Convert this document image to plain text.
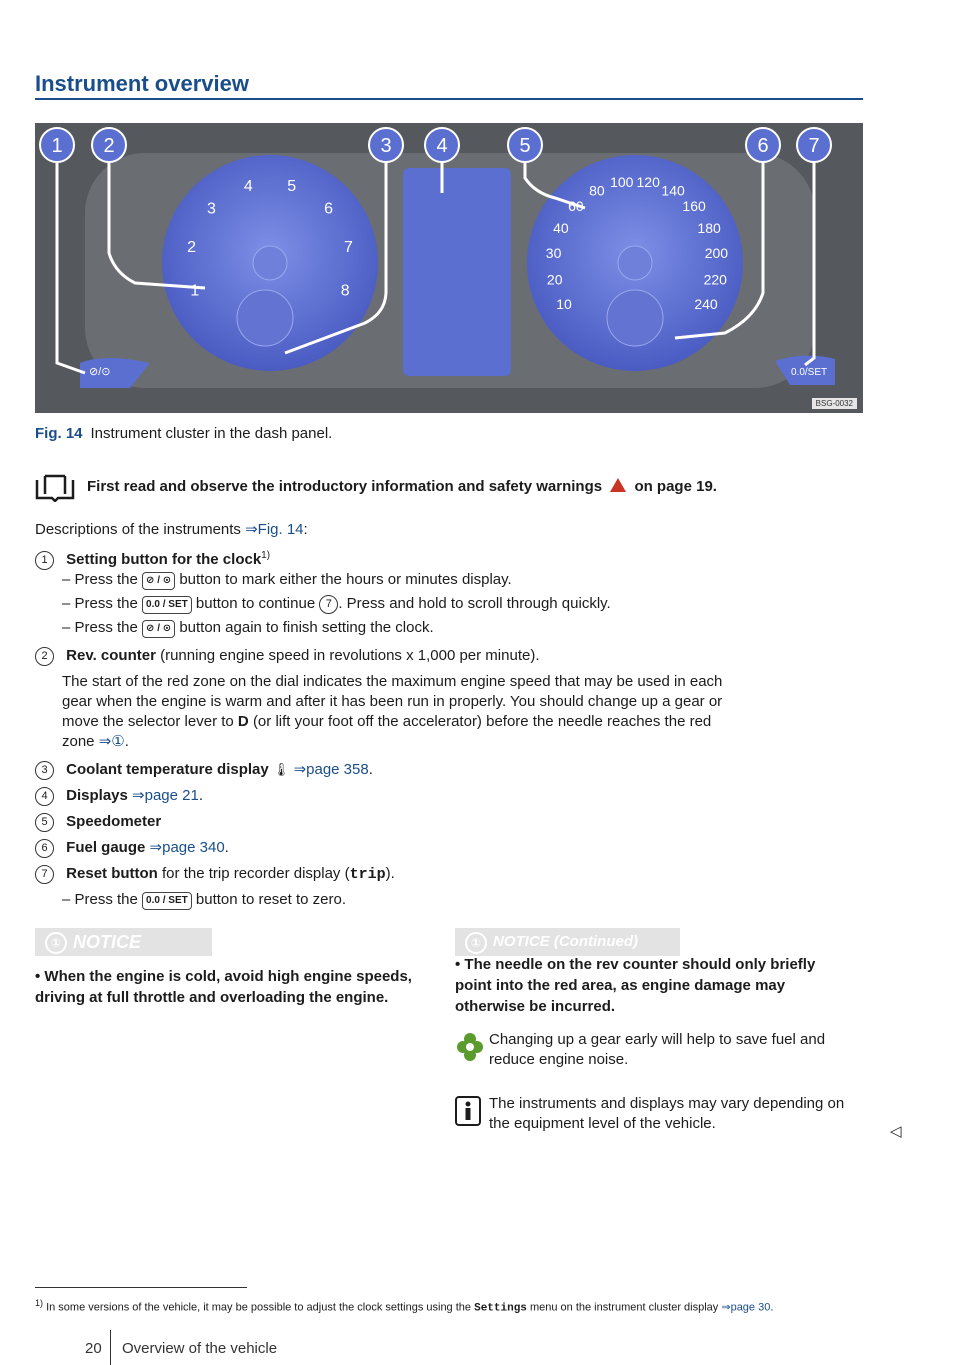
Instrument overview
1
2
3
4 5
6
7
8
10
20
30
40
60
80
100 120
140
160
180
200
220
240
1 2	3 4	5	6 7
⊘/⊙	0.0/SET
BSG-0032
Fig. 14 Instrument cluster in the dash panel.
First read and observe the introductory information and safety warnings on page 19.
Descriptions of the instruments ⇒Fig. 14:
1 Setting button for the clock$^{1)}$
– Press the ⊘ / ⊙ button to mark either the hours or minutes display.
– Press the 0.0 / SET button to continue 7 . Press and hold to scroll through quickly.
– Press the ⊘ / ⊙ button again to finish setting the clock.
2 Rev. counter (running engine speed in revolutions x 1,000 per minute).
The start of the red zone on the dial indicates the maximum engine speed that may be used in each
gear when the engine is warm and after it has been run in properly. You should change up a gear or
move the selector lever to D (or lift your foot off the accelerator) before the needle reaches the red
zone ⇒①.
3 Coolant temperature display 🌡 ⇒page 358.
4 Displays ⇒page 21.
5 Speedometer
6 Fuel gauge ⇒page 340.
7 Reset button for the trip recorder display (trip).
– Press the 0.0 / SET button to reset to zero.
① NOTICE
• When the engine is cold, avoid high engine speeds, driving at full throttle and overloading the engine.
① NOTICE (Continued)
• The needle on the rev counter should only briefly point into the red area, as engine damage may otherwise be incurred.
Changing up a gear early will help to save fuel and reduce engine noise.
The instruments and displays may vary depending on the equipment level of the vehicle.	◁
$^{1)}$ In some versions of the vehicle, it may be possible to adjust the clock settings using the Settings menu on the instrument cluster display ⇒page 30.
20 Overview of the vehicle
